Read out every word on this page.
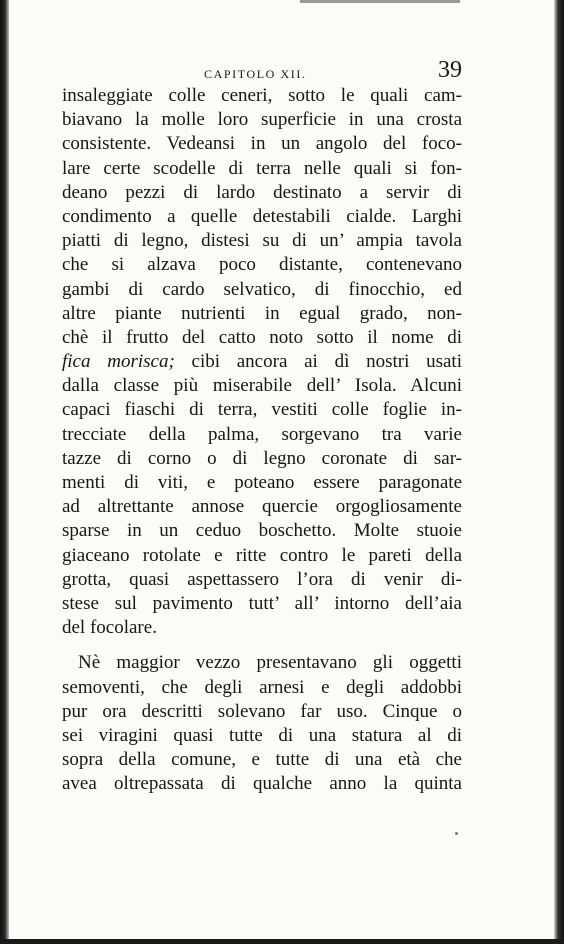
CAPITOLO XII.	39
insaleggiate colle ceneri, sotto le quali cam-
biavano la molle loro superficie in una crosta
consistente. Vedeansi in un angolo del foco-
lare certe scodelle di terra nelle quali si fon-
deano pezzi di lardo destinato a servir di
condimento a quelle detestabili cialde. Larghi
piatti di legno, distesi su di un’ ampia tavola
che si alzava poco distante, contenevano
gambi di cardo selvatico, di finocchio, ed
altre piante nutrienti in egual grado, non-
chè il frutto del catto noto sotto il nome di
fica morisca; cibi ancora ai dì nostri usati
dalla classe più miserabile dell’ Isola. Alcuni
capaci fiaschi di terra, vestiti colle foglie in-
trecciate della palma, sorgevano tra varie
tazze di corno o di legno coronate di sar-
menti di viti, e poteano essere paragonate
ad altrettante annose quercie orgogliosamente
sparse in un ceduo boschetto. Molte stuoie
giaceano rotolate e ritte contro le pareti della
grotta, quasi aspettassero l’ora di venir di-
stese sul pavimento tutt’ all’ intorno dell’aia
del focolare.
Nè maggior vezzo presentavano gli oggetti
semoventi, che degli arnesi e degli addobbi
pur ora descritti solevano far uso. Cinque o
sei viragini quasi tutte di una statura al di
sopra della comune, e tutte di una età che
avea oltrepassata di qualche anno la quinta
